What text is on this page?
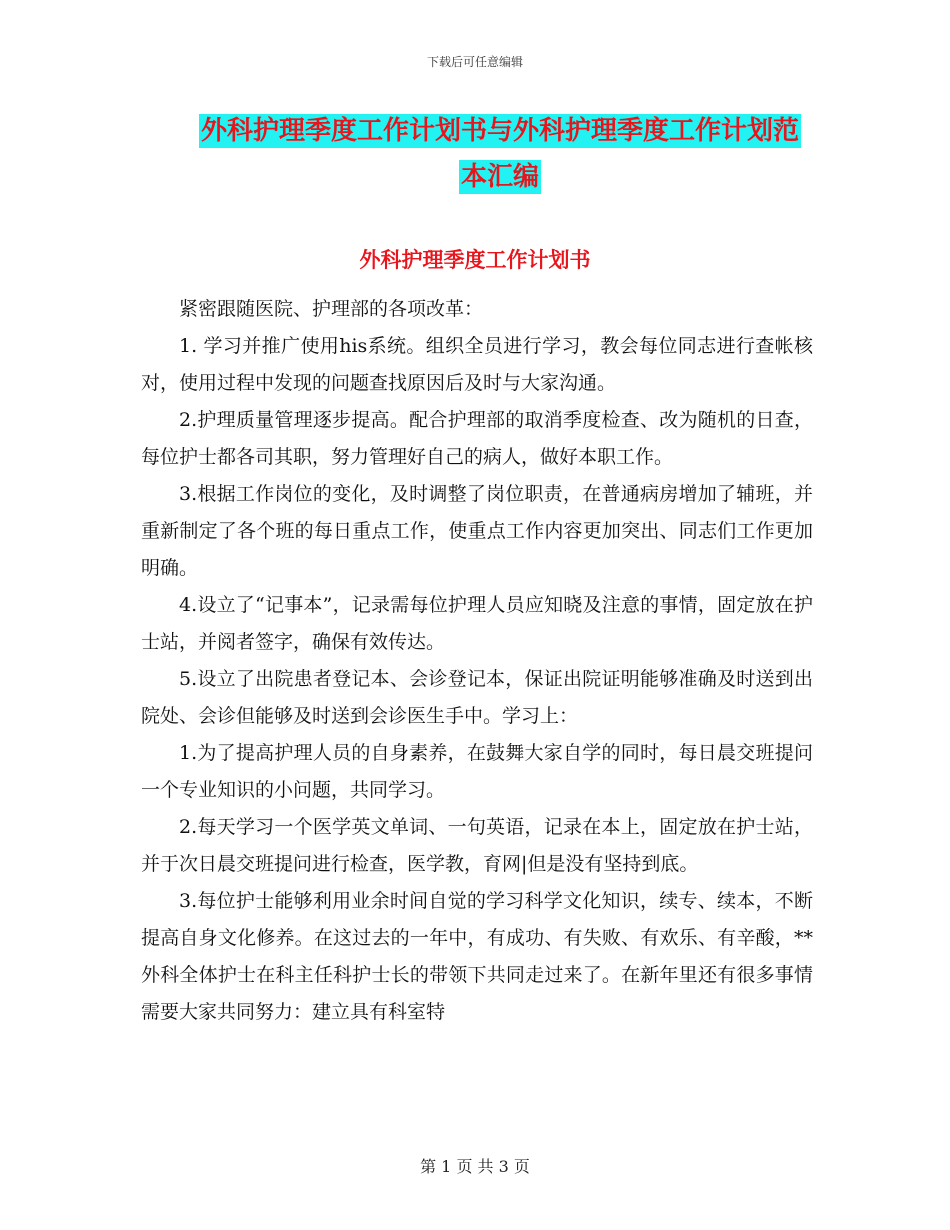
下载后可任意编辑
外科护理季度工作计划书与外科护理季度工作计划范
本汇编
外科护理季度工作计划书

紧密跟随医院、护理部的各项改革：

1. 学习并推广使用his系统。组织全员进行学习，教会每位同志进行查帐核对，使用过程中发现的问题查找原因后及时与大家沟通。

2.护理质量管理逐步提高。配合护理部的取消季度检查、改为随机的日查，每位护士都各司其职，努力管理好自己的病人，做好本职工作。

3.根据工作岗位的变化，及时调整了岗位职责，在普通病房增加了辅班，并重新制定了各个班的每日重点工作，使重点工作内容更加突出、同志们工作更加明确。

4.设立了“记事本”，记录需每位护理人员应知晓及注意的事情，固定放在护士站，并阅者签字，确保有效传达。

5.设立了出院患者登记本、会诊登记本，保证出院证明能够准确及时送到出院处、会诊但能够及时送到会诊医生手中。学习上：

1.为了提高护理人员的自身素养，在鼓舞大家自学的同时，每日晨交班提问一个专业知识的小问题，共同学习。

2.每天学习一个医学英文单词、一句英语，记录在本上，固定放在护士站，并于次日晨交班提问进行检查，医学教，育网|但是没有坚持到底。

3.每位护士能够利用业余时间自觉的学习科学文化知识，续专、续本，不断提高自身文化修养。在这过去的一年中，有成功、有失败、有欢乐、有辛酸，**外科全体护士在科主任科护士长的带领下共同走过来了。在新年里还有很多事情需要大家共同努力：建立具有科室特

第 1 页 共 3 页
